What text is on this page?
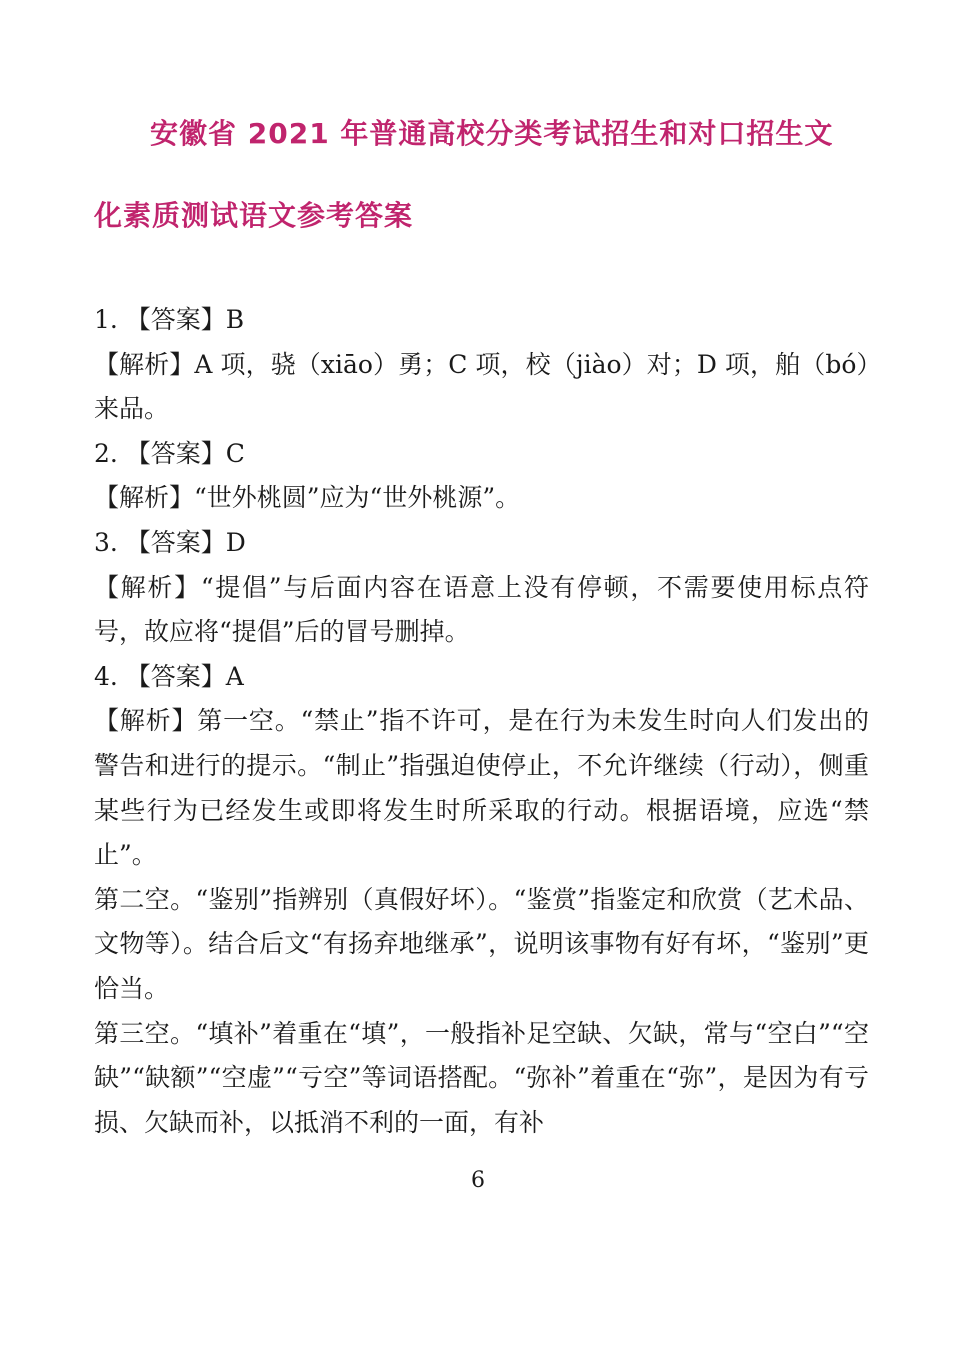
安徽省 2021 年普通高校分类考试招生和对口招生文
化素质测试语文参考答案
1. 【答案】B
【解析】A 项，骁（xiāo）勇；C 项，校（jiào）对；D 项，舶（bó）来品。
2. 【答案】C
【解析】“世外桃圆”应为“世外桃源”。
3. 【答案】D
【解析】“提倡”与后面内容在语意上没有停顿，不需要使用标点符号，故应将“提倡”后的冒号删掉。
4. 【答案】A
【解析】第一空。“禁止”指不许可，是在行为未发生时向人们发出的警告和进行的提示。“制止”指强迫使停止，不允许继续（行动），侧重某些行为已经发生或即将发生时所采取的行动。根据语境，应选“禁止”。
第二空。“鉴别”指辨别（真假好坏）。“鉴赏”指鉴定和欣赏（艺术品、文物等）。结合后文“有扬弃地继承”，说明该事物有好有坏，“鉴别”更恰当。
第三空。“填补”着重在“填”，一般指补足空缺、欠缺，常与“空白”“空缺”“缺额”“空虚”“亏空”等词语搭配。“弥补”着重在“弥”，是因为有亏损、欠缺而补，以抵消不利的一面，有补
6
